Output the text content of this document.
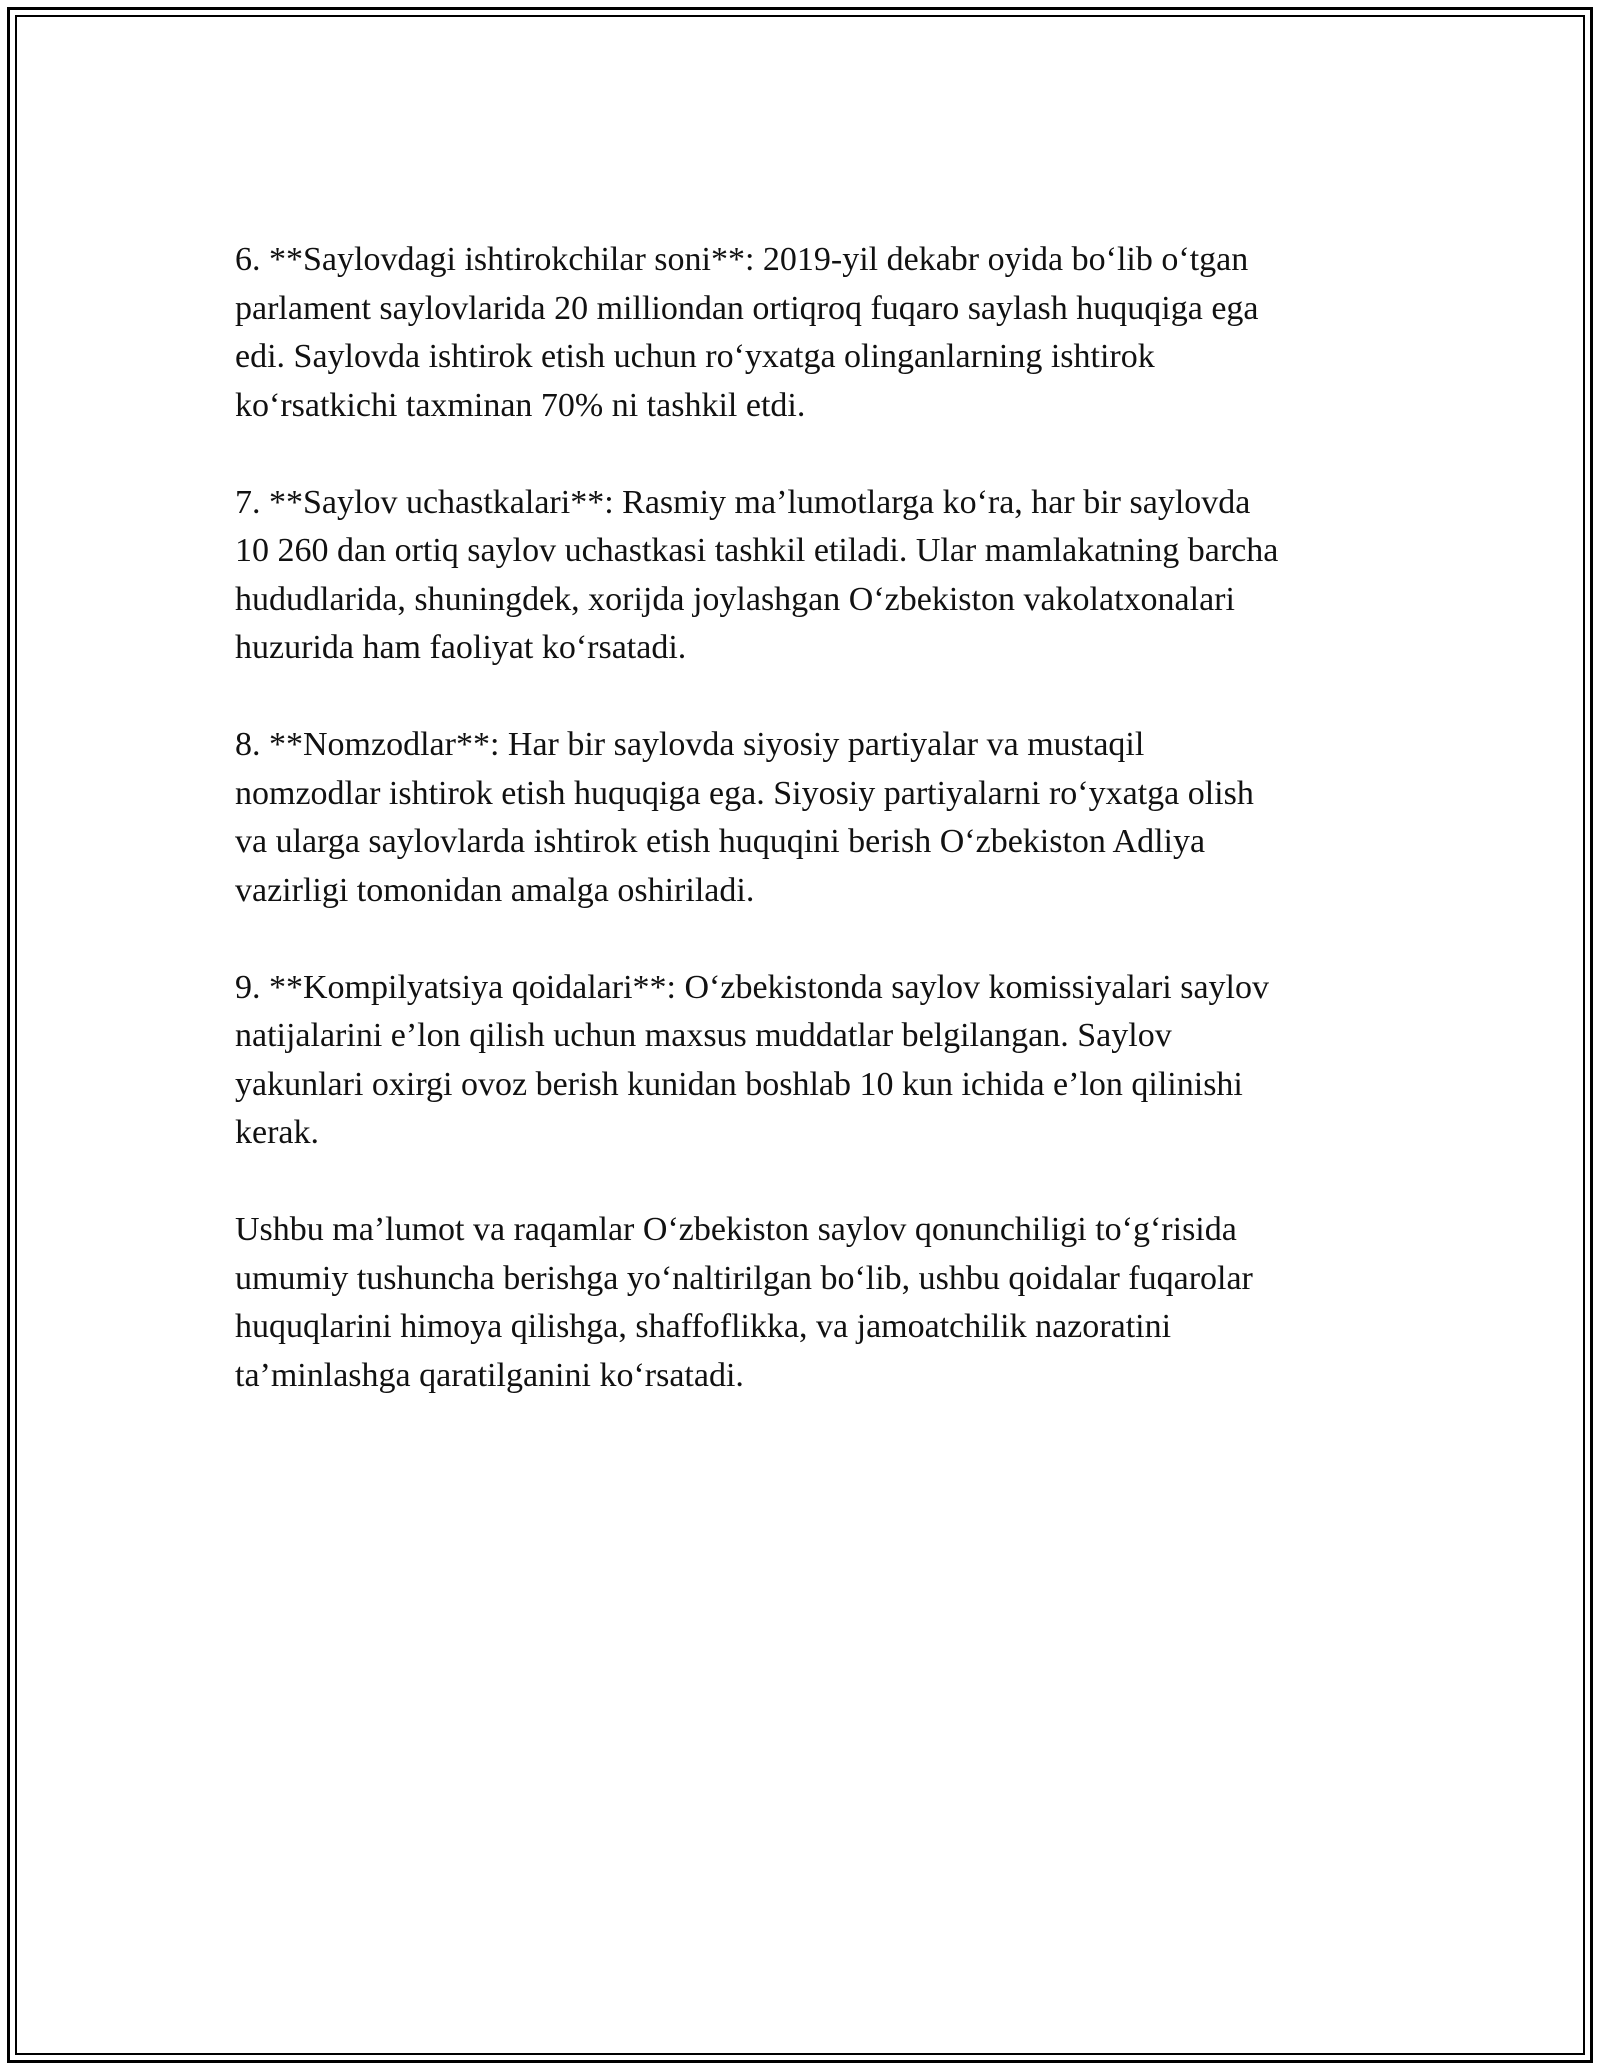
6. **Saylovdagi ishtirokchilar soni**: 2019-yil dekabr oyida bo‘lib o‘tgan
parlament saylovlarida 20 milliondan ortiqroq fuqaro saylash huquqiga ega
edi. Saylovda ishtirok etish uchun ro‘yxatga olinganlarning ishtirok
ko‘rsatkichi taxminan 70% ni tashkil etdi.

7. **Saylov uchastkalari**: Rasmiy ma’lumotlarga ko‘ra, har bir saylovda
10 260 dan ortiq saylov uchastkasi tashkil etiladi. Ular mamlakatning barcha
hududlarida, shuningdek, xorijda joylashgan O‘zbekiston vakolatxonalari
huzurida ham faoliyat ko‘rsatadi.

8. **Nomzodlar**: Har bir saylovda siyosiy partiyalar va mustaqil
nomzodlar ishtirok etish huquqiga ega. Siyosiy partiyalarni ro‘yxatga olish
va ularga saylovlarda ishtirok etish huquqini berish O‘zbekiston Adliya
vazirligi tomonidan amalga oshiriladi.

9. **Kompilyatsiya qoidalari**: O‘zbekistonda saylov komissiyalari saylov
natijalarini e’lon qilish uchun maxsus muddatlar belgilangan. Saylov
yakunlari oxirgi ovoz berish kunidan boshlab 10 kun ichida e’lon qilinishi
kerak.

Ushbu ma’lumot va raqamlar O‘zbekiston saylov qonunchiligi to‘g‘risida
umumiy tushuncha berishga yo‘naltirilgan bo‘lib, ushbu qoidalar fuqarolar
huquqlarini himoya qilishga, shaffoflikka, va jamoatchilik nazoratini
ta’minlashga qaratilganini ko‘rsatadi.
